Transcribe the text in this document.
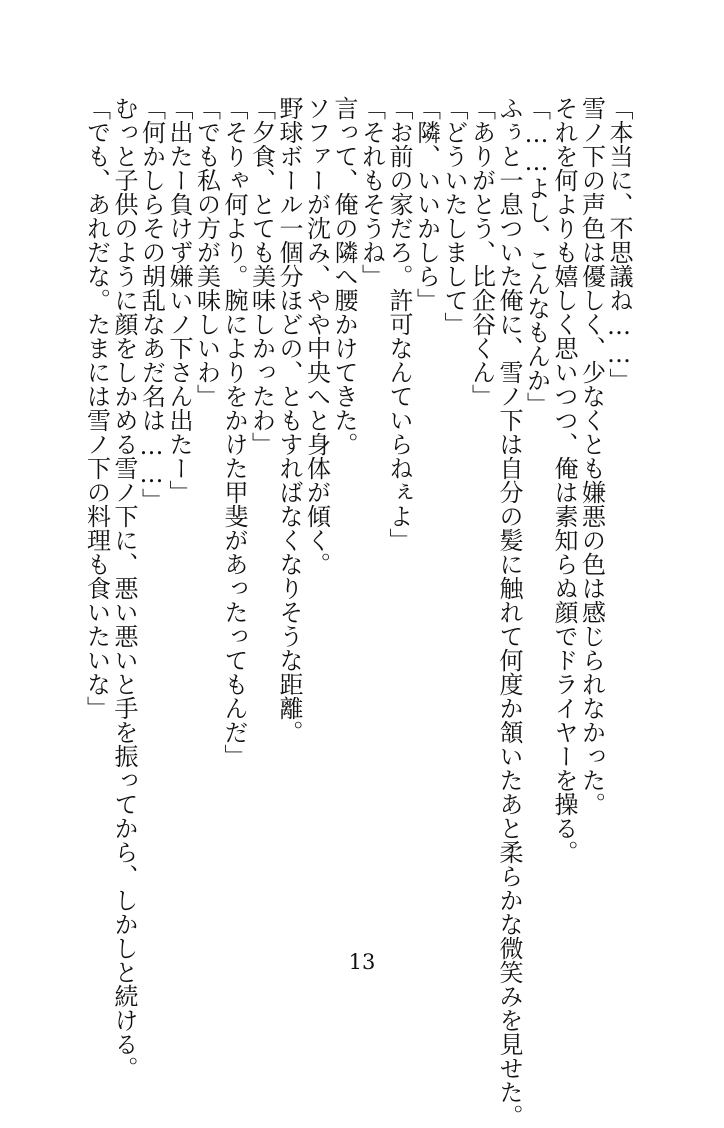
「本当に、不思議ね……」
雪ノ下の声色は優しく、少なくとも嫌悪の色は感じられなかった。
それを何よりも嬉しく思いつつ、俺は素知らぬ顔でドライヤーを操る。
「……よし、こんなもんか」
ふぅと一息ついた俺に、雪ノ下は自分の髪に触れて何度か頷いたあと柔らかな微笑みを見せた。
「ありがとう、比企谷くん」
「どういたしまして」
「隣、いいかしら」
「お前の家だろ。許可なんていらねぇよ」
「それもそうね」
言って、俺の隣へ腰かけてきた。
ソファーが沈み、やや中央へと身体が傾く。
野球ボール一個分ほどの、ともすればなくなりそうな距離。
「夕食、とても美味しかったわ」
「そりゃ何より。腕によりをかけた甲斐があったってもんだ」
「でも私の方が美味しいわ」
「出たー負けず嫌いノ下さん出たー」
「何かしらその胡乱なあだ名は……」
むっと子供のように顔をしかめる雪ノ下に、悪い悪いと手を振ってから、しかしと続ける。
「でも、あれだな。たまには雪ノ下の料理も食いたいな」
13
